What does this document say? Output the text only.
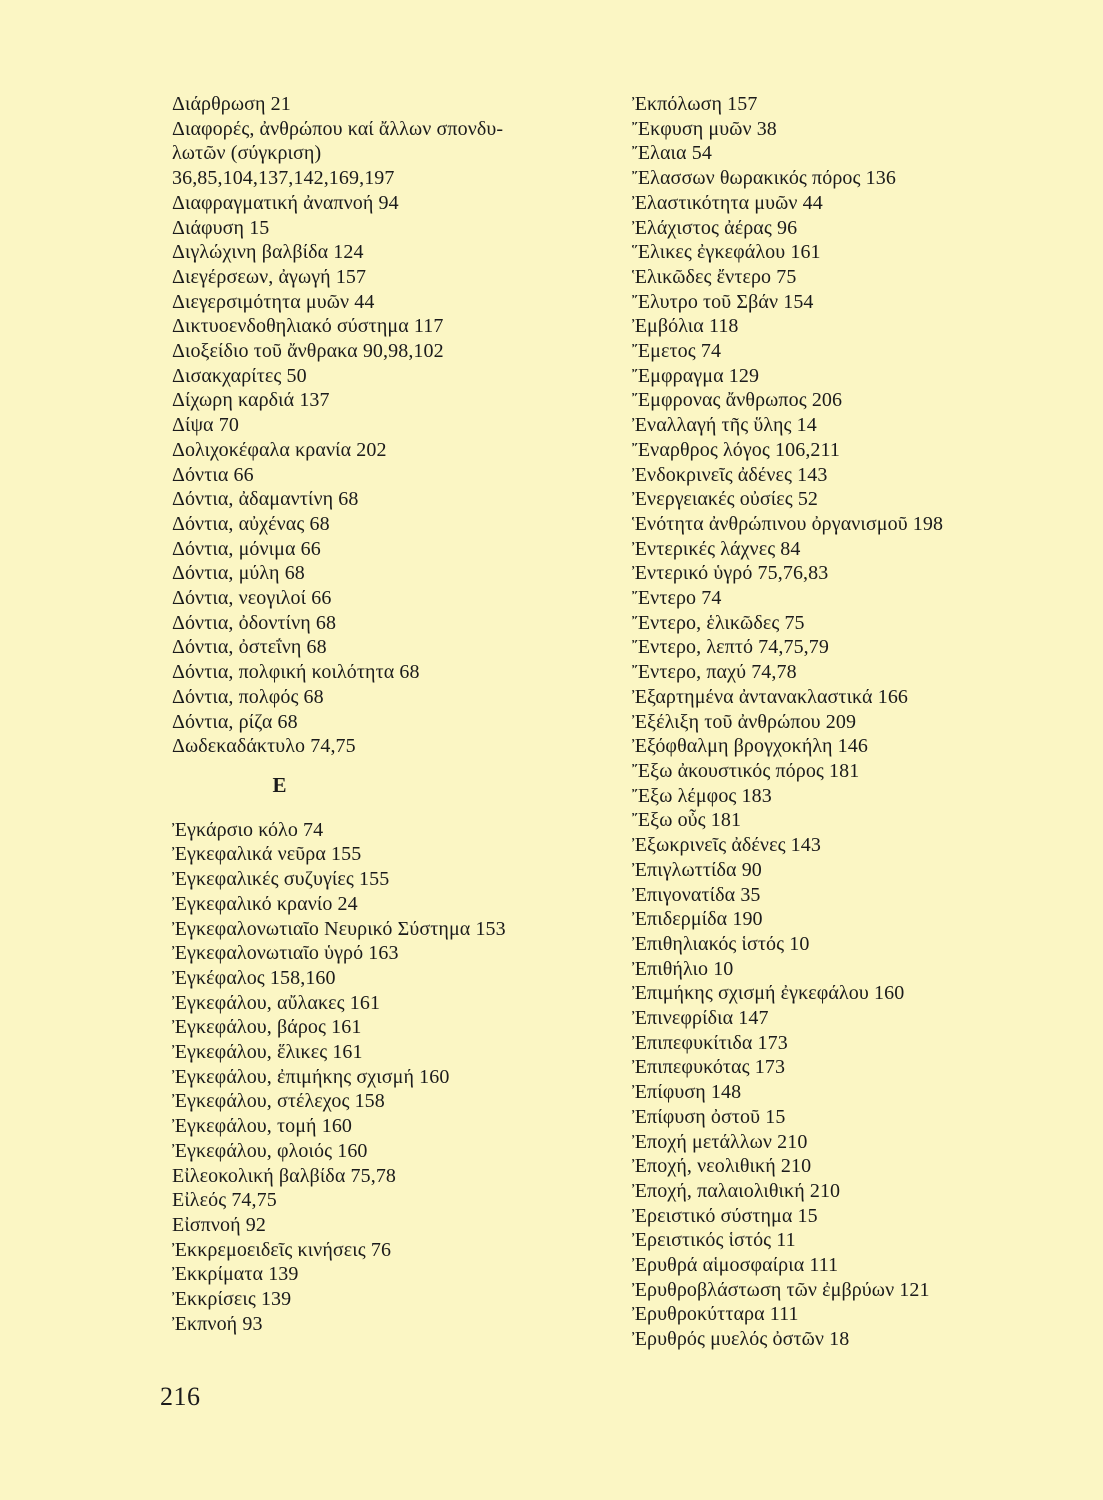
Διάρθρωση 21
Διαφορές, ἀνθρώπου καί ἄλλων σπονδυ-
λωτῶν (σύγκριση)
36,85,104,137,142,169,197
Διαφραγματική ἀναπνοή 94
Διάφυση 15
Διγλώχινη βαλβίδα 124
Διεγέρσεων, ἀγωγή 157
Διεγερσιμότητα μυῶν 44
Δικτυοενδοθηλιακό σύστημα 117
Διοξείδιο τοῦ ἄνθρακα 90,98,102
Δισακχαρίτες 50
Δίχωρη καρδιά 137
Δίψα 70
Δολιχοκέφαλα κρανία 202
Δόντια 66
Δόντια, ἀδαμαντίνη 68
Δόντια, αὐχένας 68
Δόντια, μόνιμα 66
Δόντια, μύλη 68
Δόντια, νεογιλοί 66
Δόντια, ὀδοντίνη 68
Δόντια, ὀστεΐνη 68
Δόντια, πολφική κοιλότητα 68
Δόντια, πολφός 68
Δόντια, ρίζα 68
Δωδεκαδάκτυλο 74,75
Ε
Ἐγκάρσιο κόλο 74
Ἐγκεφαλικά νεῦρα 155
Ἐγκεφαλικές συζυγίες 155
Ἐγκεφαλικό κρανίο 24
Ἐγκεφαλονωτιαῖο Νευρικό Σύστημα 153
Ἐγκεφαλονωτιαῖο ὑγρό 163
Ἐγκέφαλος 158,160
Ἐγκεφάλου, αὔλακες 161
Ἐγκεφάλου, βάρος 161
Ἐγκεφάλου, ἕλικες 161
Ἐγκεφάλου, ἐπιμήκης σχισμή 160
Ἐγκεφάλου, στέλεχος 158
Ἐγκεφάλου, τομή 160
Ἐγκεφάλου, φλοιός 160
Εἰλεοκολική βαλβίδα 75,78
Εἰλεός 74,75
Εἰσπνοή 92
Ἐκκρεμοειδεῖς κινήσεις 76
Ἐκκρίματα 139
Ἐκκρίσεις 139
Ἐκπνοή 93
Ἐκπόλωση 157
Ἔκφυση μυῶν 38
Ἔλαια 54
Ἔλασσων θωρακικός πόρος 136
Ἐλαστικότητα μυῶν 44
Ἐλάχιστος ἀέρας 96
Ἕλικες ἐγκεφάλου 161
Ἑλικῶδες ἔντερο 75
Ἔλυτρο τοῦ Σβάν 154
Ἐμβόλια 118
Ἔμετος 74
Ἔμφραγμα 129
Ἔμφρονας ἄνθρωπος 206
Ἐναλλαγή τῆς ὕλης 14
Ἔναρθρος λόγος 106,211
Ἐνδοκρινεῖς ἀδένες 143
Ἐνεργειακές οὐσίες 52
Ἑνότητα ἀνθρώπινου ὀργανισμοῦ 198
Ἐντερικές λάχνες 84
Ἐντερικό ὑγρό 75,76,83
Ἔντερο 74
Ἔντερο, ἑλικῶδες 75
Ἔντερο, λεπτό 74,75,79
Ἔντερο, παχύ 74,78
Ἐξαρτημένα ἀντανακλαστικά 166
Ἐξέλιξη τοῦ ἀνθρώπου 209
Ἐξόφθαλμη βρογχοκήλη 146
Ἔξω ἀκουστικός πόρος 181
Ἔξω λέμφος 183
Ἔξω οὖς 181
Ἐξωκρινεῖς ἀδένες 143
Ἐπιγλωττίδα 90
Ἐπιγονατίδα 35
Ἐπιδερμίδα 190
Ἐπιθηλιακός ἱστός 10
Ἐπιθήλιο 10
Ἐπιμήκης σχισμή ἐγκεφάλου 160
Ἐπινεφρίδια 147
Ἐπιπεφυκίτιδα 173
Ἐπιπεφυκότας 173
Ἐπίφυση 148
Ἐπίφυση ὀστοῦ 15
Ἐποχή μετάλλων 210
Ἐποχή, νεολιθική 210
Ἐποχή, παλαιολιθική 210
Ἐρειστικό σύστημα 15
Ἐρειστικός ἱστός 11
Ἐρυθρά αἱμοσφαίρια 111
Ἐρυθροβλάστωση τῶν ἐμβρύων 121
Ἐρυθροκύτταρα 111
Ἐρυθρός μυελός ὀστῶν 18
216
